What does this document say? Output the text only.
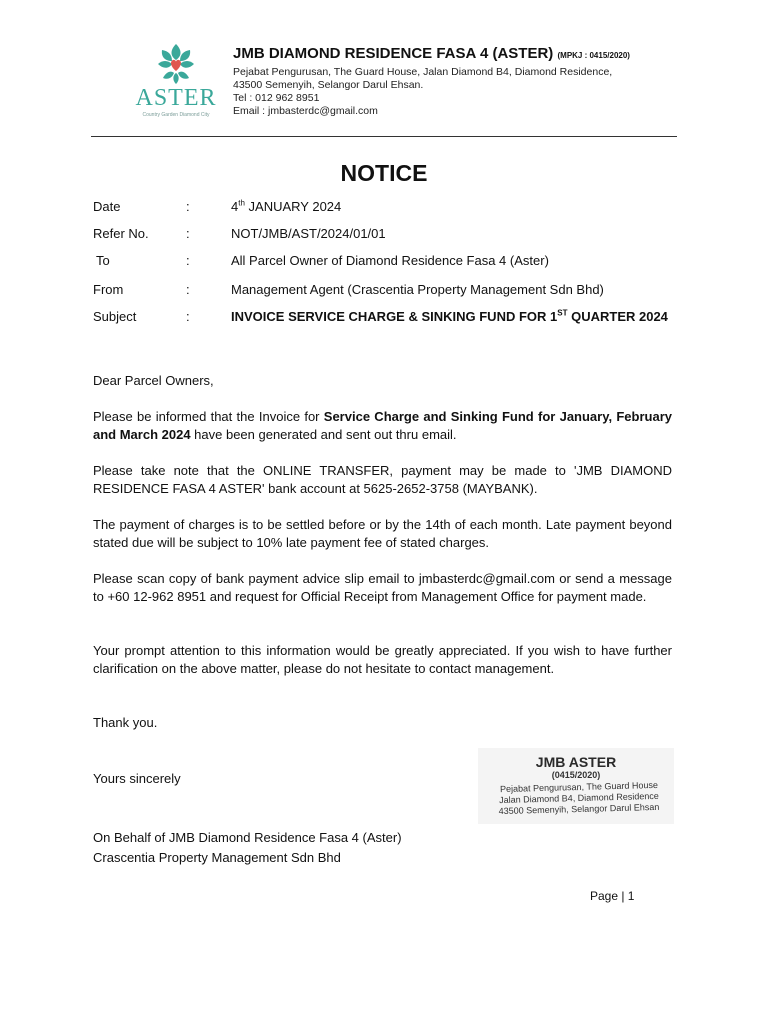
ASTER
Country Garden Diamond City
JMB DIAMOND RESIDENCE FASA 4 (ASTER) (MPKJ : 0415/2020)
Pejabat Pengurusan, The Guard House, Jalan Diamond B4, Diamond Residence,
43500 Semenyih, Selangor Darul Ehsan.
Tel : 012 962 8951
Email : jmbasterdc@gmail.com
NOTICE
Date	:	4th JANUARY 2024
Refer No.	:	NOT/JMB/AST/2024/01/01
To	:	All Parcel Owner of Diamond Residence Fasa 4 (Aster)
From	:	Management Agent (Crascentia Property Management Sdn Bhd)
Subject	:	INVOICE SERVICE CHARGE & SINKING FUND FOR 1ST QUARTER 2024

Dear Parcel Owners,

Please be informed that the Invoice for Service Charge and Sinking Fund for January, February and March 2024 have been generated and sent out thru email.

Please take note that the ONLINE TRANSFER, payment may be made to 'JMB DIAMOND RESIDENCE FASA 4 ASTER' bank account at 5625-2652-3758 (MAYBANK).

The payment of charges is to be settled before or by the 14th of each month. Late payment beyond stated due will be subject to 10% late payment fee of stated charges.

Please scan copy of bank payment advice slip email to jmbasterdc@gmail.com or send a message to +60 12-962 8951 and request for Official Receipt from Management Office for payment made.

Your prompt attention to this information would be greatly appreciated. If you wish to have further clarification on the above matter, please do not hesitate to contact management.

Thank you.
Yours sincerely
JMB ASTER
(0415/2020)
Pejabat Pengurusan, The Guard House
Jalan Diamond B4, Diamond Residence
43500 Semenyih, Selangor Darul Ehsan
On Behalf of JMB Diamond Residence Fasa 4 (Aster)
Crascentia Property Management Sdn Bhd
Page | 1
